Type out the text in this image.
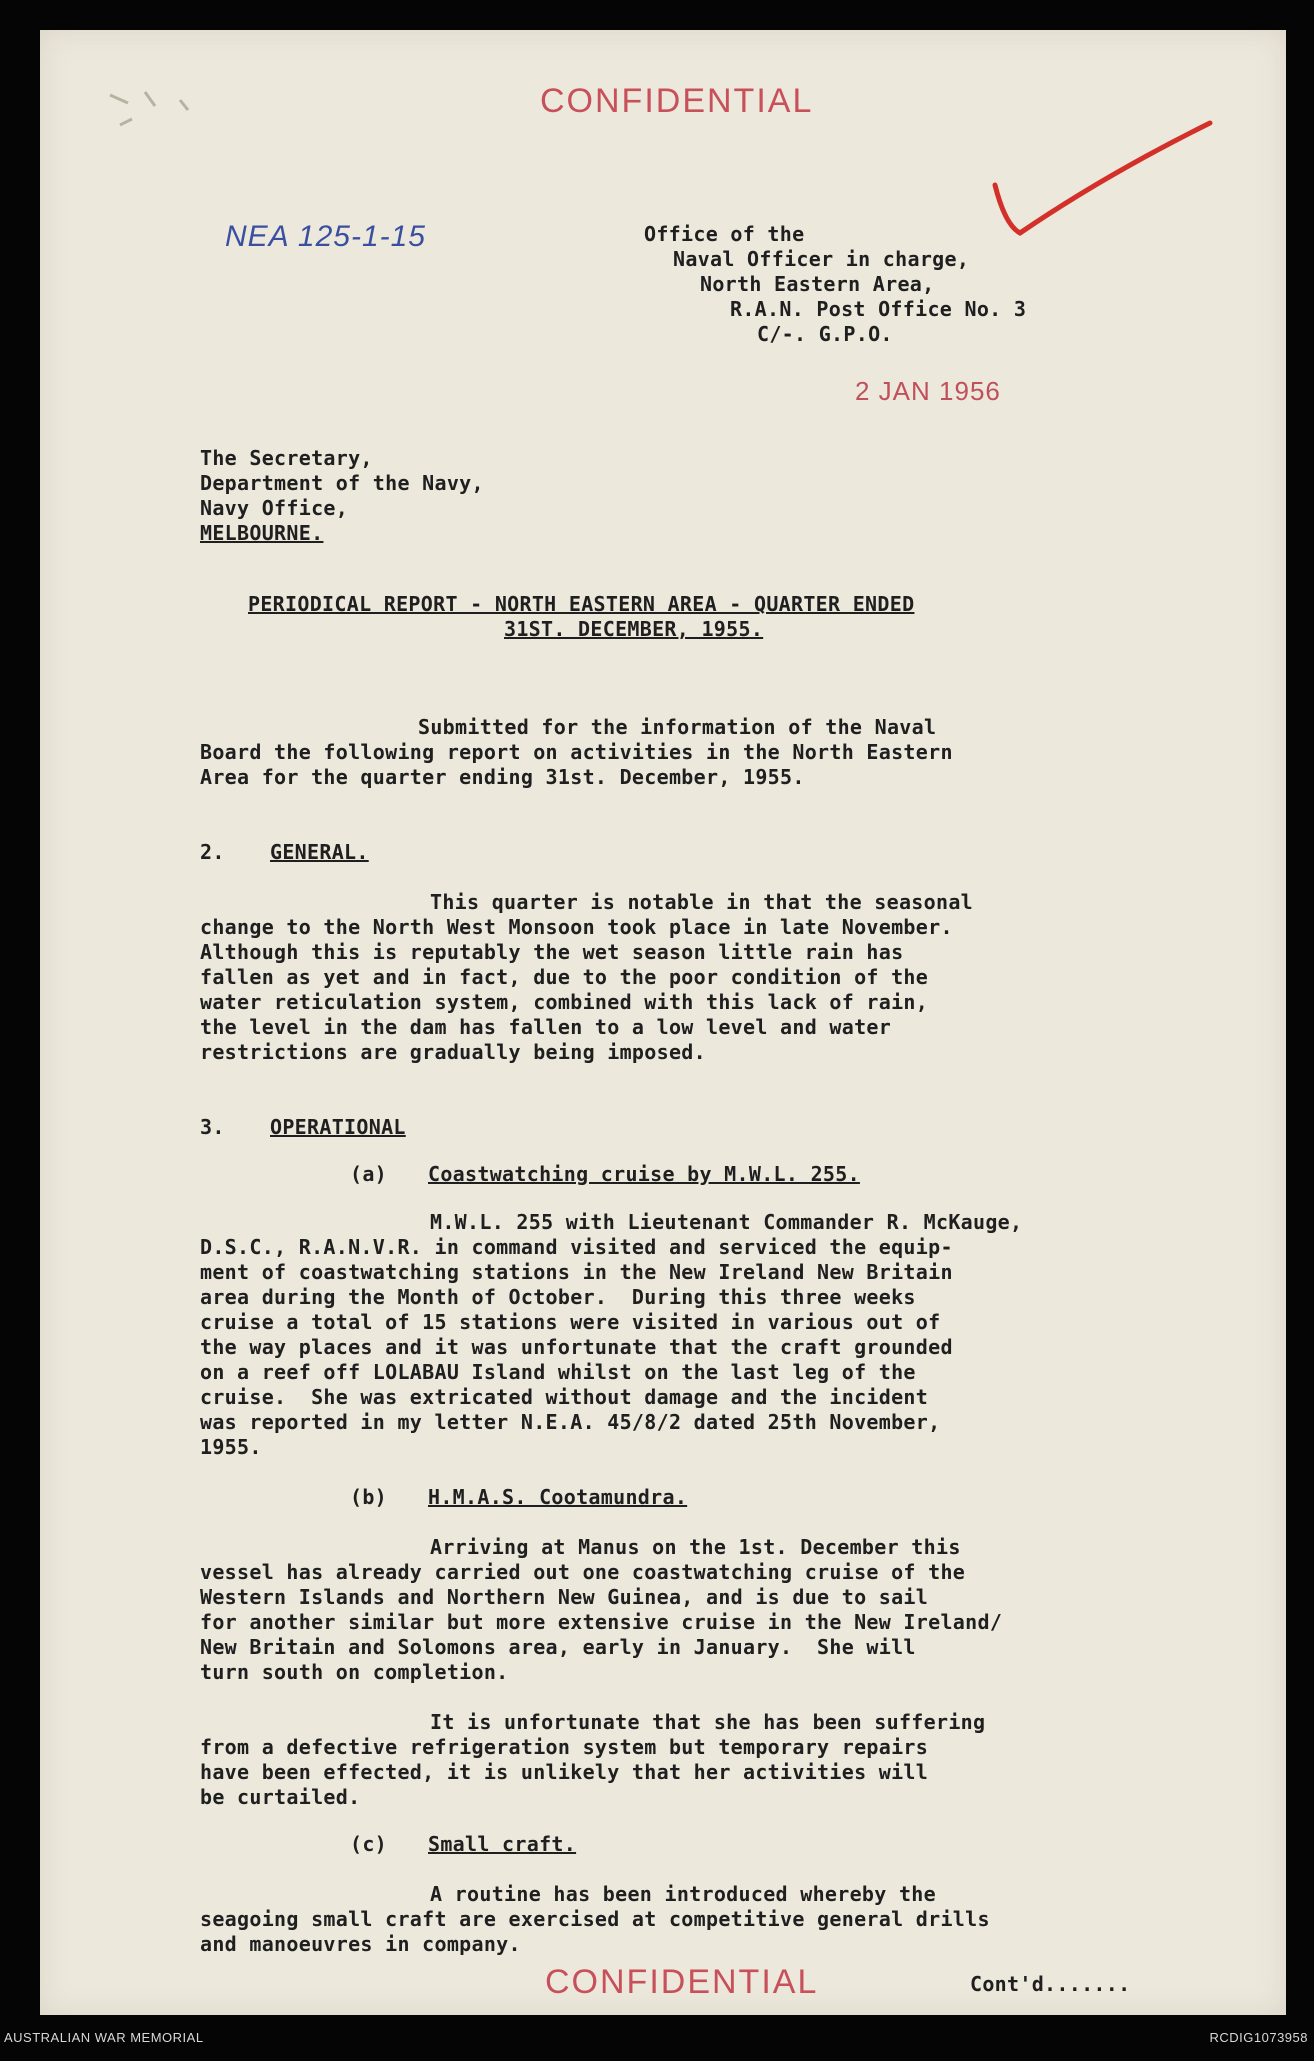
CONFIDENTIAL
NEA 125-1-15	Office of the
Naval Officer in charge,
North Eastern Area,
R.A.N. Post Office No. 3
C/-. G.P.O.
2 JAN 1956
The Secretary,
Department of the Navy,
Navy Office,
MELBOURNE.
PERIODICAL REPORT - NORTH EASTERN AREA - QUARTER ENDED
31ST. DECEMBER, 1955.
Submitted for the information of the Naval
Board the following report on activities in the North Eastern
Area for the quarter ending 31st. December, 1955.
2. GENERAL.
This quarter is notable in that the seasonal
change to the North West Monsoon took place in late November.
Although this is reputably the wet season little rain has
fallen as yet and in fact, due to the poor condition of the
water reticulation system, combined with this lack of rain,
the level in the dam has fallen to a low level and water
restrictions are gradually being imposed.
3. OPERATIONAL
(a) Coastwatching cruise by M.W.L. 255.
M.W.L. 255 with Lieutenant Commander R. McKauge,
D.S.C., R.A.N.V.R. in command visited and serviced the equip-
ment of coastwatching stations in the New Ireland New Britain
area during the Month of October.  During this three weeks
cruise a total of 15 stations were visited in various out of
the way places and it was unfortunate that the craft grounded
on a reef off LOLABAU Island whilst on the last leg of the
cruise.  She was extricated without damage and the incident
was reported in my letter N.E.A. 45/8/2 dated 25th November,
1955.
(b) H.M.A.S. Cootamundra.
Arriving at Manus on the 1st. December this
vessel has already carried out one coastwatching cruise of the
Western Islands and Northern New Guinea, and is due to sail
for another similar but more extensive cruise in the New Ireland/
New Britain and Solomons area, early in January.  She will
turn south on completion.
It is unfortunate that she has been suffering
from a defective refrigeration system but temporary repairs
have been effected, it is unlikely that her activities will
be curtailed.
(c) Small craft.
A routine has been introduced whereby the
seagoing small craft are exercised at competitive general drills
and manoeuvres in company.
CONFIDENTIAL	Cont'd.......
AUSTRALIAN WAR MEMORIAL	RCDIG1073958
